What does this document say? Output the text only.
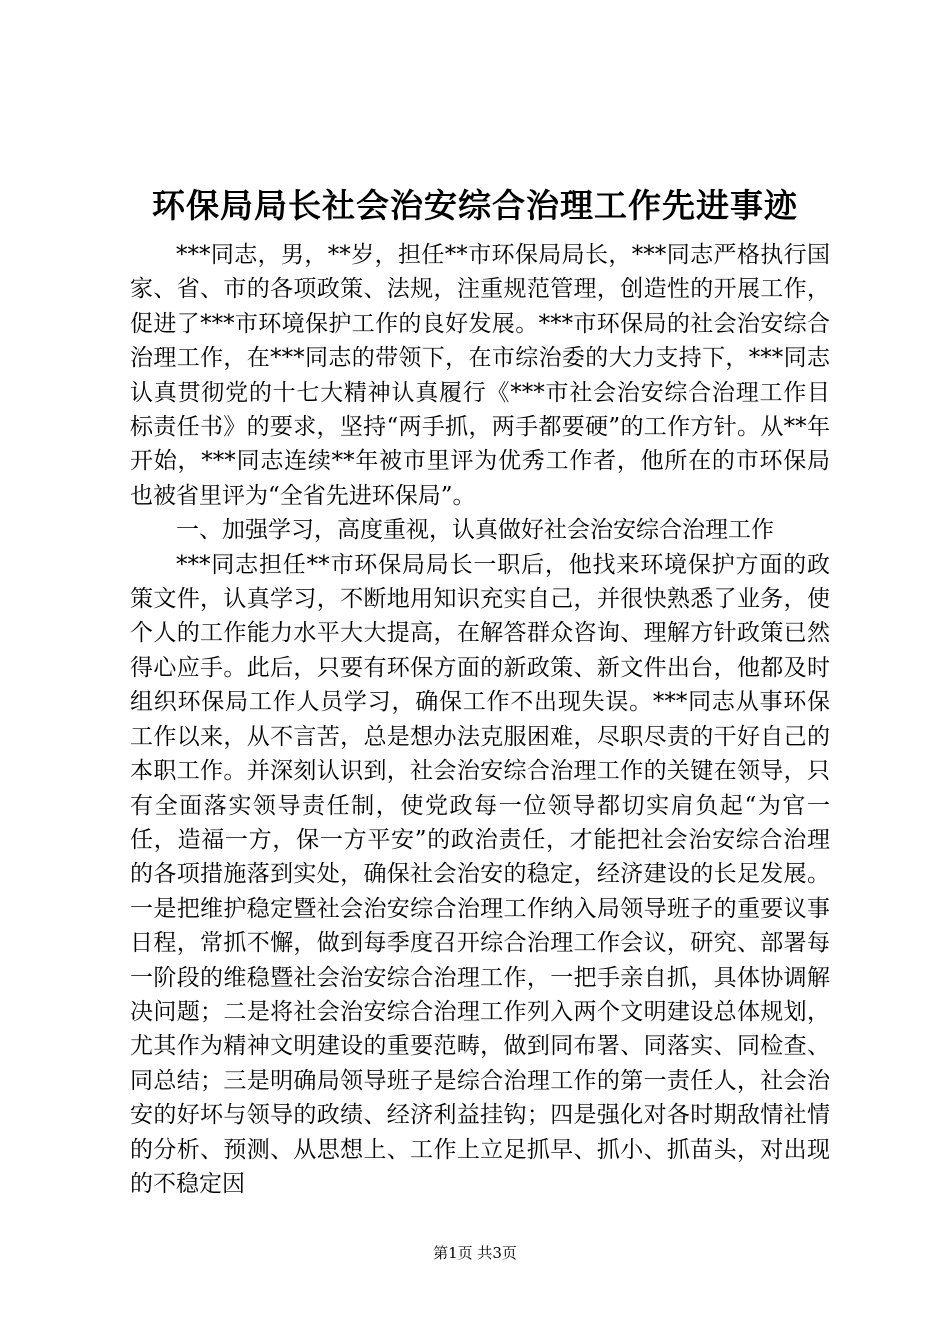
环保局局长社会治安综合治理工作先进事迹

***同志，男，**岁，担任**市环保局局长，***同志严格执行国家、省、市的各项政策、法规，注重规范管理，创造性的开展工作，促进了***市环境保护工作的良好发展。***市环保局的社会治安综合治理工作，在***同志的带领下，在市综治委的大力支持下，***同志认真贯彻党的十七大精神认真履行《***市社会治安综合治理工作目标责任书》的要求，坚持“两手抓，两手都要硬”的工作方针。从**年开始，***同志连续**年被市里评为优秀工作者，他所在的市环保局也被省里评为“全省先进环保局”。

一、加强学习，高度重视，认真做好社会治安综合治理工作

***同志担任**市环保局局长一职后，他找来环境保护方面的政策文件，认真学习，不断地用知识充实自己，并很快熟悉了业务，使个人的工作能力水平大大提高，在解答群众咨询、理解方针政策已然得心应手。此后，只要有环保方面的新政策、新文件出台，他都及时组织环保局工作人员学习，确保工作不出现失误。***同志从事环保工作以来，从不言苦，总是想办法克服困难，尽职尽责的干好自己的本职工作。并深刻认识到，社会治安综合治理工作的关键在领导，只有全面落实领导责任制，使党政每一位领导都切实肩负起“为官一任，造福一方，保一方平安”的政治责任，才能把社会治安综合治理的各项措施落到实处，确保社会治安的稳定，经济建设的长足发展。一是把维护稳定暨社会治安综合治理工作纳入局领导班子的重要议事日程，常抓不懈，做到每季度召开综合治理工作会议，研究、部署每一阶段的维稳暨社会治安综合治理工作，一把手亲自抓，具体协调解决问题；二是将社会治安综合治理工作列入两个文明建设总体规划，尤其作为精神文明建设的重要范畴，做到同布署、同落实、同检查、同总结；三是明确局领导班子是综合治理工作的第一责任人，社会治安的好坏与领导的政绩、经济利益挂钩；四是强化对各时期敌情社情的分析、预测、从思想上、工作上立足抓早、抓小、抓苗头，对出现的不稳定因

第1页 共3页
